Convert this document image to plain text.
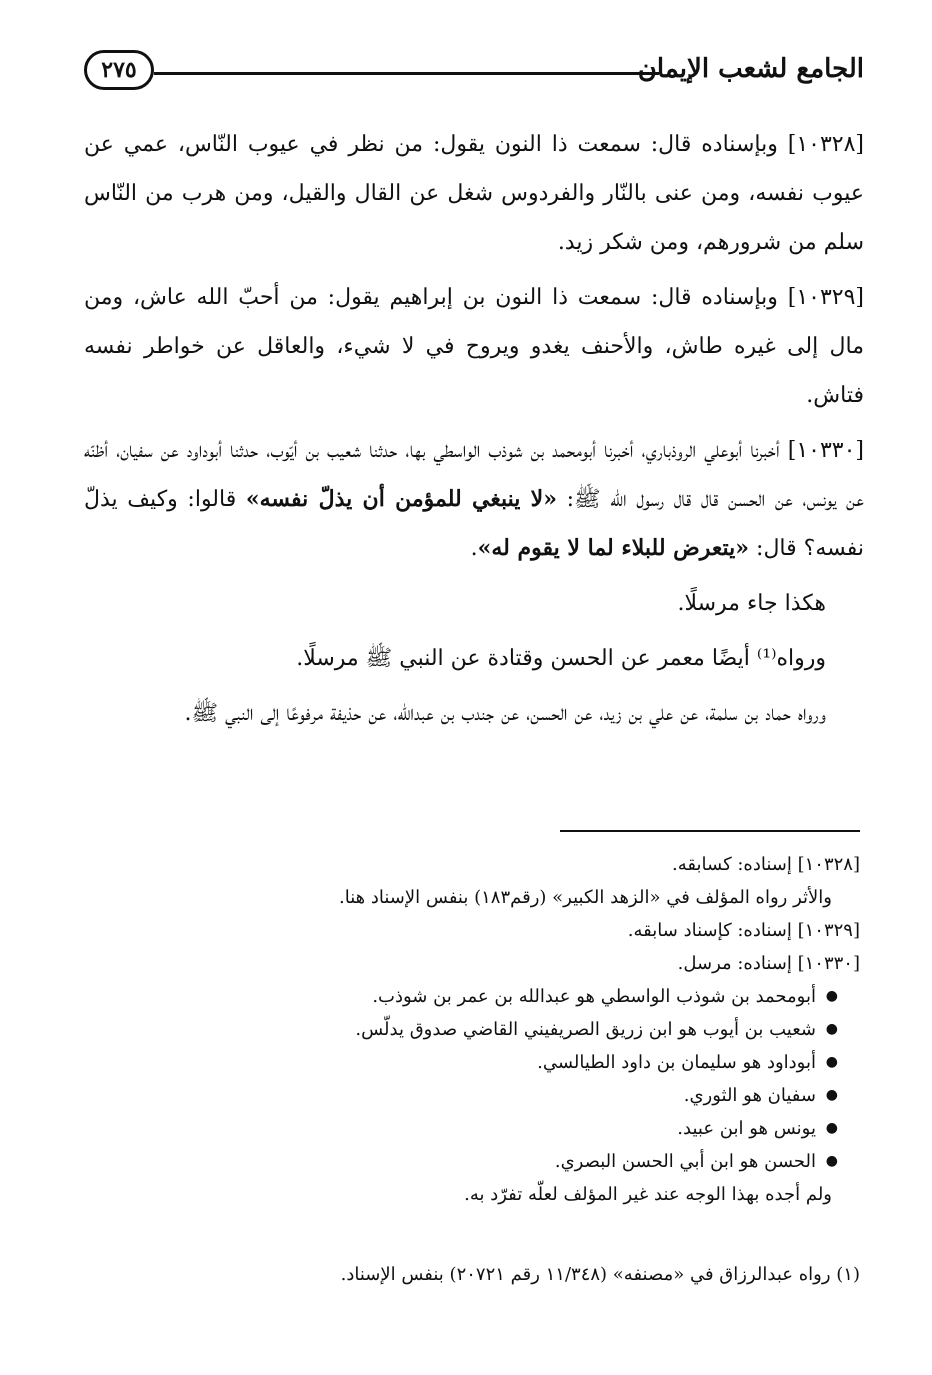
٢٧٥	الجامع لشعب الإيمان

[١٠٣٢٨] وبإسناده قال: سمعت ذا النون يقول: من نظر في عيوب النّاس، عمي عن عيوب نفسه، ومن عنى بالنّار والفردوس شغل عن القال والقيل، ومن هرب من النّاس سلم من شرورهم، ومن شكر زيد.

[١٠٣٢٩] وبإسناده قال: سمعت ذا النون بن إبراهيم يقول: من أحبّ الله عاش، ومن مال إلى غيره طاش، والأحنف يغدو ويروح في لا شيء، والعاقل عن خواطر نفسه فتاش.

[١٠٣٣٠] أخبرنا أبوعلي الروذباري، أخبرنا أبومحمد بن شوذب الواسطي بها، حدثنا شعيب بن أيّوب، حدثنا أبوداود عن سفيان، أظنّه عن يونس، عن الحسن قال قال رسول الله ﷺ: «لا ينبغي للمؤمن أن يذلّ نفسه» قالوا: وكيف يذلّ نفسه؟ قال: «يتعرض للبلاء لما لا يقوم له».

هكذا جاء مرسلًا.

ورواه⁽¹⁾ أيضًا معمر عن الحسن وقتادة عن النبي ﷺ مرسلًا.

ورواه حماد بن سلمة، عن علي بن زيد، عن الحسن، عن جندب بن عبدالله، عن حذيفة مرفوعًا إلى النبي ﷺ.

[١٠٣٢٨] إسناده: كسابقه.

والأثر رواه المؤلف في «الزهد الكبير» (رقم١٨٣) بنفس الإسناد هنا.

[١٠٣٢٩] إسناده: كإسناد سابقه.

[١٠٣٣٠] إسناده: مرسل.

● أبومحمد بن شوذب الواسطي هو عبدالله بن عمر بن شوذب.
● شعيب بن أيوب هو ابن زريق الصريفيني القاضي صدوق يدلّس.
● أبوداود هو سليمان بن داود الطيالسي.
● سفيان هو الثوري.
● يونس هو ابن عبيد.
● الحسن هو ابن أبي الحسن البصري.

ولم أجده بهذا الوجه عند غير المؤلف لعلّه تفرّد به.

(١) رواه عبدالرزاق في «مصنفه» (١١/٣٤٨ رقم ٢٠٧٢١) بنفس الإسناد.
